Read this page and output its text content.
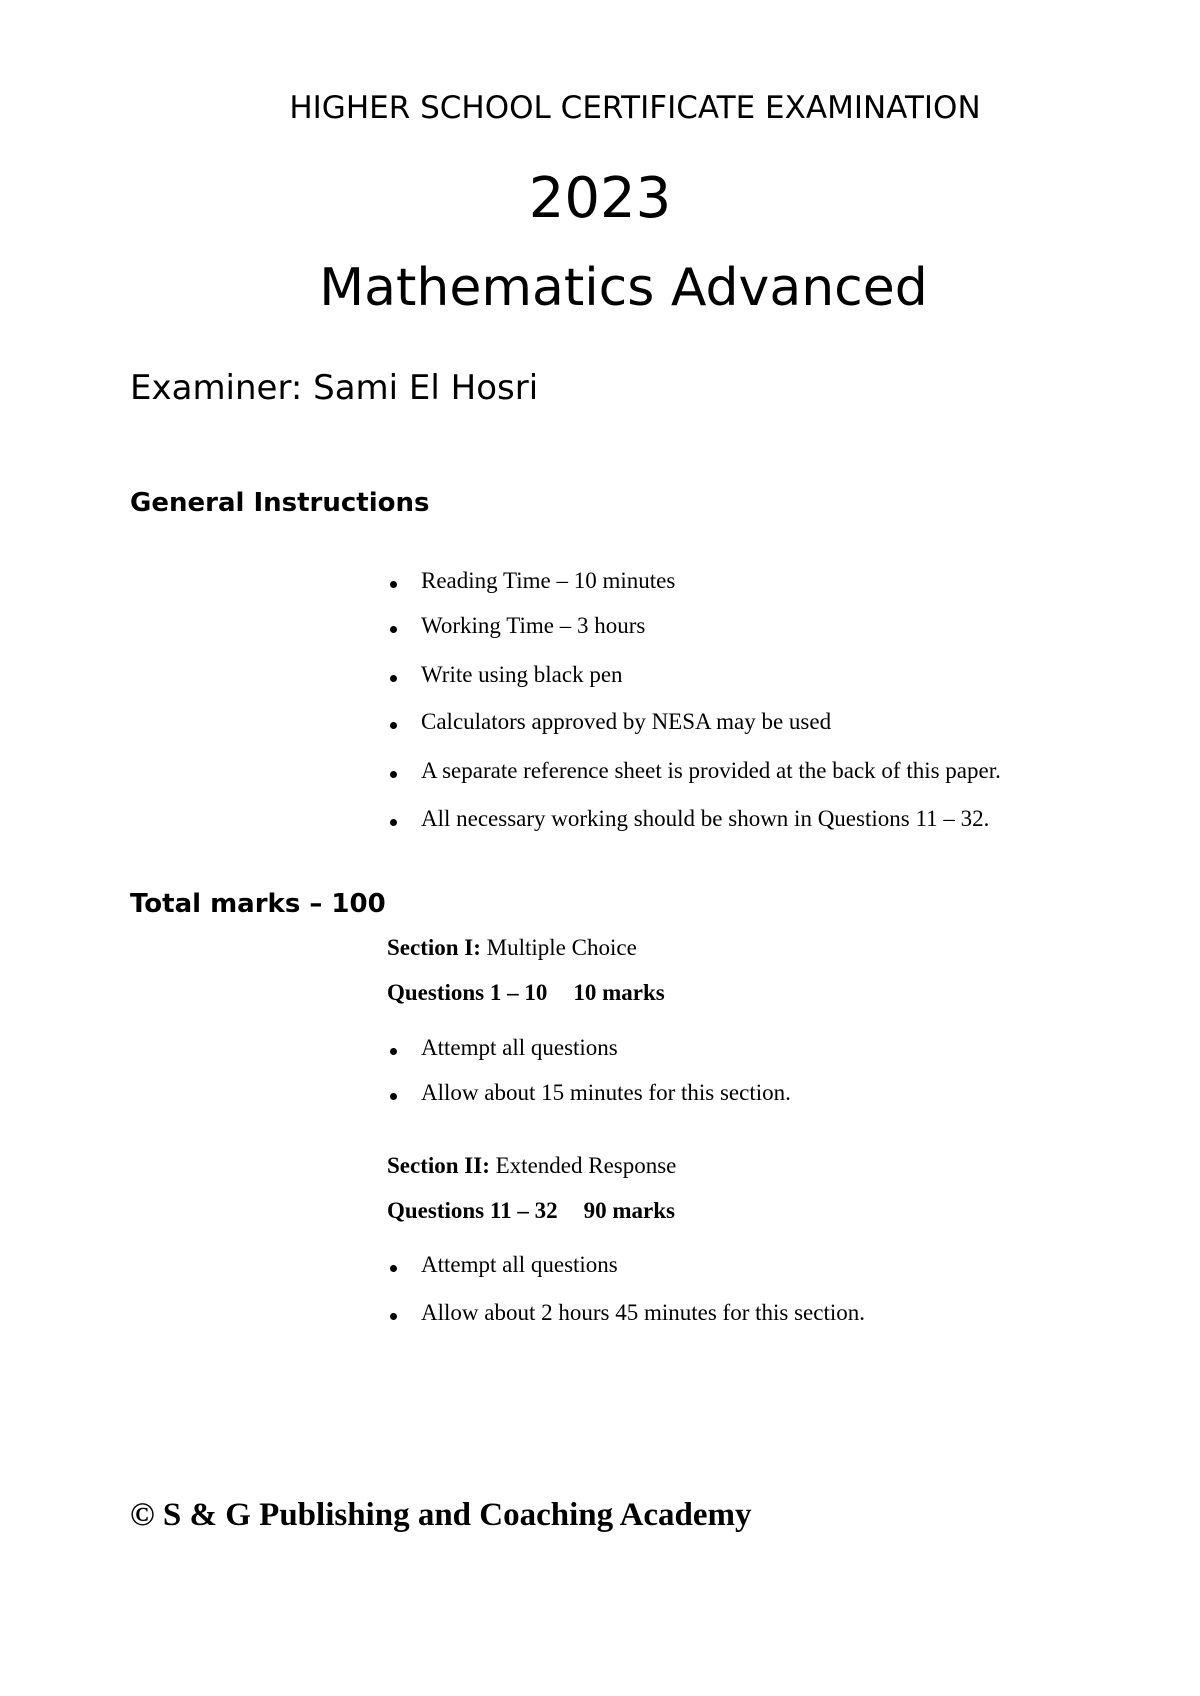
HIGHER SCHOOL CERTIFICATE EXAMINATION
2023
Mathematics Advanced
Examiner: Sami El Hosri
General Instructions
Reading Time – 10 minutes
Working Time – 3 hours
Write using black pen
Calculators approved by NESA may be used
A separate reference sheet is provided at the back of this paper.
All necessary working should be shown in Questions 11 – 32.
Total marks – 100
Section I: Multiple Choice
Questions 1 – 10 10 marks
Attempt all questions
Allow about 15 minutes for this section.
Section II: Extended Response
Questions 11 – 32 90 marks
Attempt all questions
Allow about 2 hours 45 minutes for this section.
© S & G Publishing and Coaching Academy
